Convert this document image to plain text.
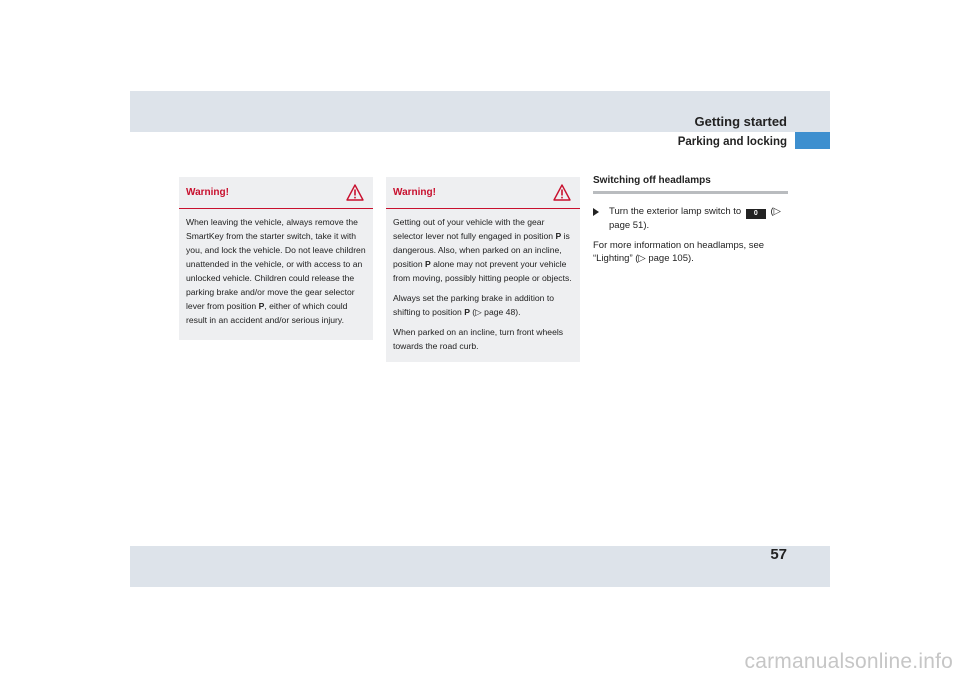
Getting started
Parking and locking
Warning!

When leaving the vehicle, always remove the SmartKey from the starter switch, take it with you, and lock the vehicle. Do not leave children unattended in the vehicle, or with access to an unlocked vehicle. Children could release the parking brake and/or move the gear selector lever from position P, either of which could result in an accident and/or serious injury.

Warning!

Getting out of your vehicle with the gear selector lever not fully engaged in position P is dangerous. Also, when parked on an incline, position P alone may not prevent your vehicle from moving, possibly hitting people or objects.

Always set the parking brake in addition to shifting to position P (▷ page 48).

When parked on an incline, turn front wheels towards the road curb.

Switching off headlamps
Turn the exterior lamp switch to 0 (▷ page 51).
For more information on headlamps, see “Lighting” (▷ page 105).
57
carmanualsonline.info
